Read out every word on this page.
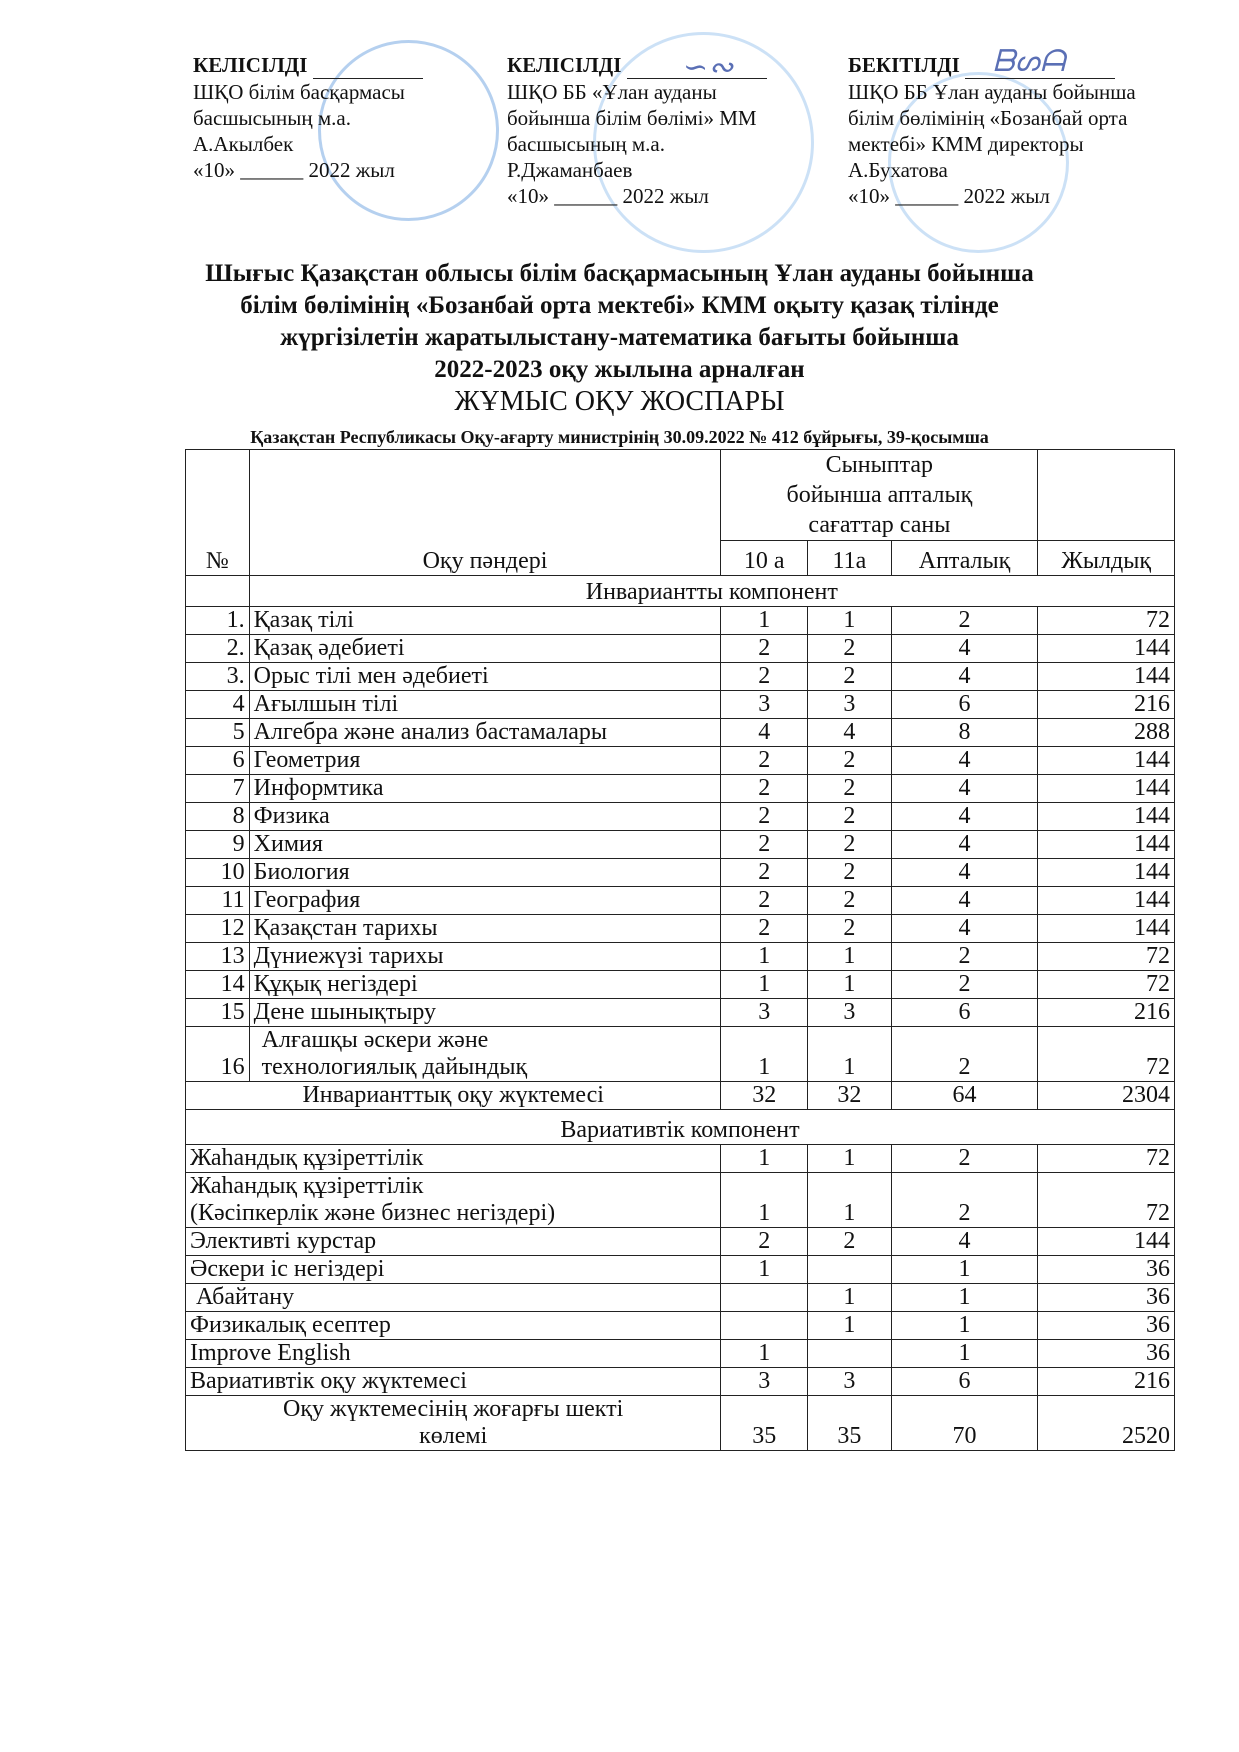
∽∾	ᗷᔕᗩ
КЕЛІСІЛДІ
ШҚО білім басқармасы
басшысының м.а.
А.Акылбек
«10» ______ 2022 жыл
КЕЛІСІЛДІ
ШҚО ББ «Ұлан ауданы
бойынша білім бөлімі» ММ
басшысының м.а.
Р.Джаманбаев
«10» ______ 2022 жыл
БЕКІТІЛДІ
ШҚО ББ Ұлан ауданы бойынша
білім бөлімінің «Бозанбай орта
мектебі» КММ директоры
А.Бухатова
«10» ______ 2022 жыл
Шығыс Қазақстан облысы білім басқармасының Ұлан ауданы бойынша
білім бөлімінің «Бозанбай орта мектебі» КММ оқыту қазақ тілінде
жүргізілетін жаратылыстану-математика бағыты бойынша
2022-2023 оқу жылына арналған
ЖҰМЫС ОҚУ ЖОСПАРЫ
Қазақстан Республикасы Оқу-ағарту министрінің 30.09.2022 № 412 бұйрығы, 39-қосымша
№	Оқу пәндері	Сыныптар бойынша апталық сағаттар саны			
		10 а	11а	Апталық	Жылдық
	Инвариантты компонент				
1.	Қазақ тілі	1	1	2	72
2.	Қазақ әдебиеті	2	2	4	144
3.	Орыс тілі мен әдебиеті	2	2	4	144
4	Ағылшын тілі	3	3	6	216
5	Алгебра және анализ бастамалары	4	4	8	288
6	Геометрия	2	2	4	144
7	Информтика	2	2	4	144
8	Физика	2	2	4	144
9	Химия	2	2	4	144
10	Биология	2	2	4	144
11	География	2	2	4	144
12	Қазақстан тарихы	2	2	4	144
13	Дүниежүзі тарихы	1	1	2	72
14	Құқық негіздері	1	1	2	72
15	Дене шынықтыру	3	3	6	216
16	Алғашқы әскери және
технологиялық дайындық	1	1	2	72
Инварианттық оқу жүктемесі		32	32	64	2304
Вариативтік компонент					
Жаһандық құзіреттілік		1	1	2	72

Жаһандық құзіреттілік
(Кәсіпкерлік және бизнес негіздері)		1	1	2	72
Элективті курстар		2	2	4	144
Әскери іс негіздері		1		1	36
Абайтану			1	1	36
Физикалық есептер			1	1	36
Improve English		1		1	36
Вариативтік оқу жүктемесі		3	3	6	216

Оқу жүктемесінің жоғарғы шекті
көлемі		35	35	70	2520
